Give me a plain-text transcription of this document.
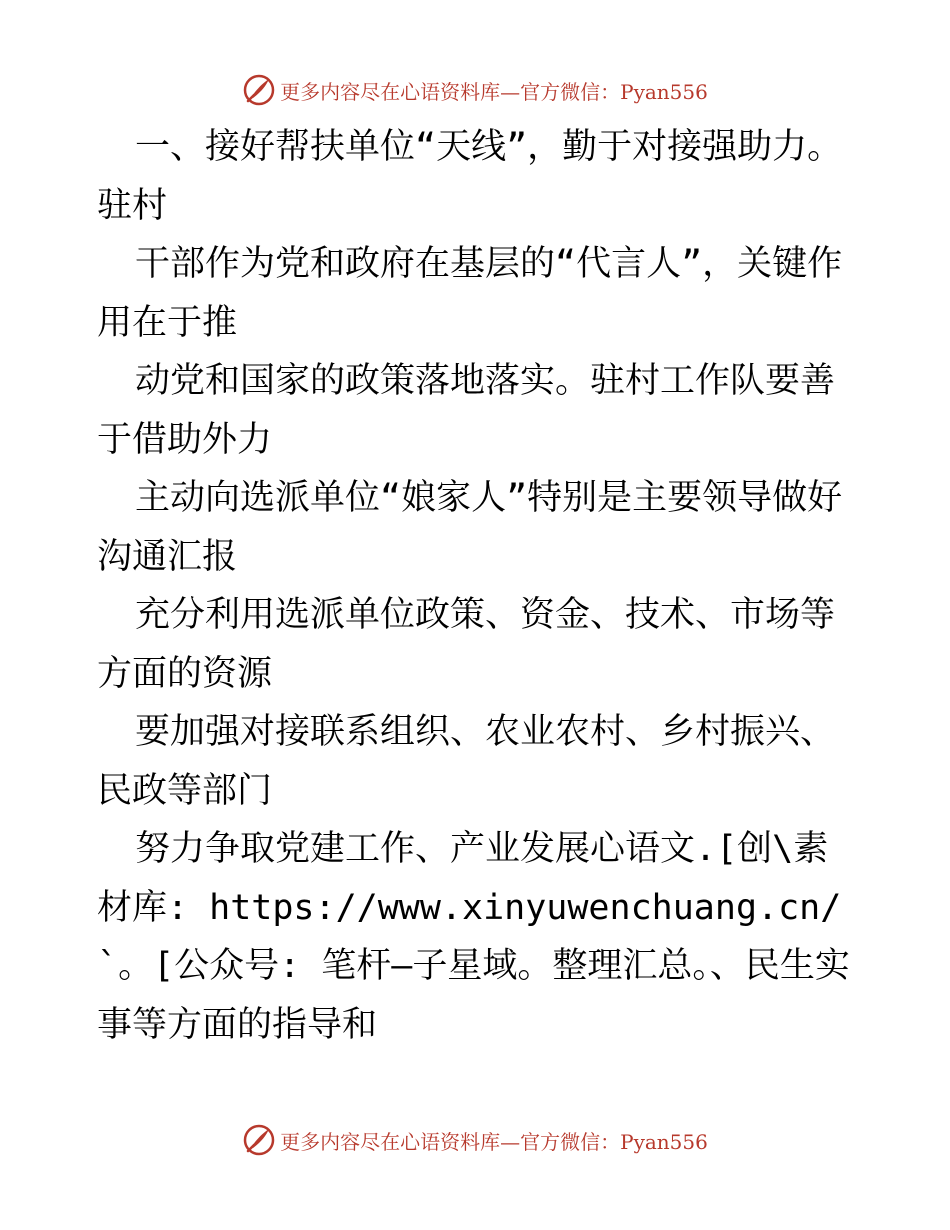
更多内容尽在心语资料库—官方微信：Pyan556

一、接好帮扶单位“天线”，勤于对接强助力。驻村

干部作为党和政府在基层的“代言人”，关键作用在于推

动党和国家的政策落地落实。驻村工作队要善于借助外力

主动向选派单位“娘家人”特别是主要领导做好沟通汇报

充分利用选派单位政策、资金、技术、市场等方面的资源

要加强对接联系组织、农业农村、乡村振兴、民政等部门

努力争取党建工作、产业发展心语文.[创\素材库: https://www.xinyuwenchuang.cn/`。[公众号: 笔杆—子星域。整理汇总。、民生实事等方面的指导和

更多内容尽在心语资料库—官方微信：Pyan556
